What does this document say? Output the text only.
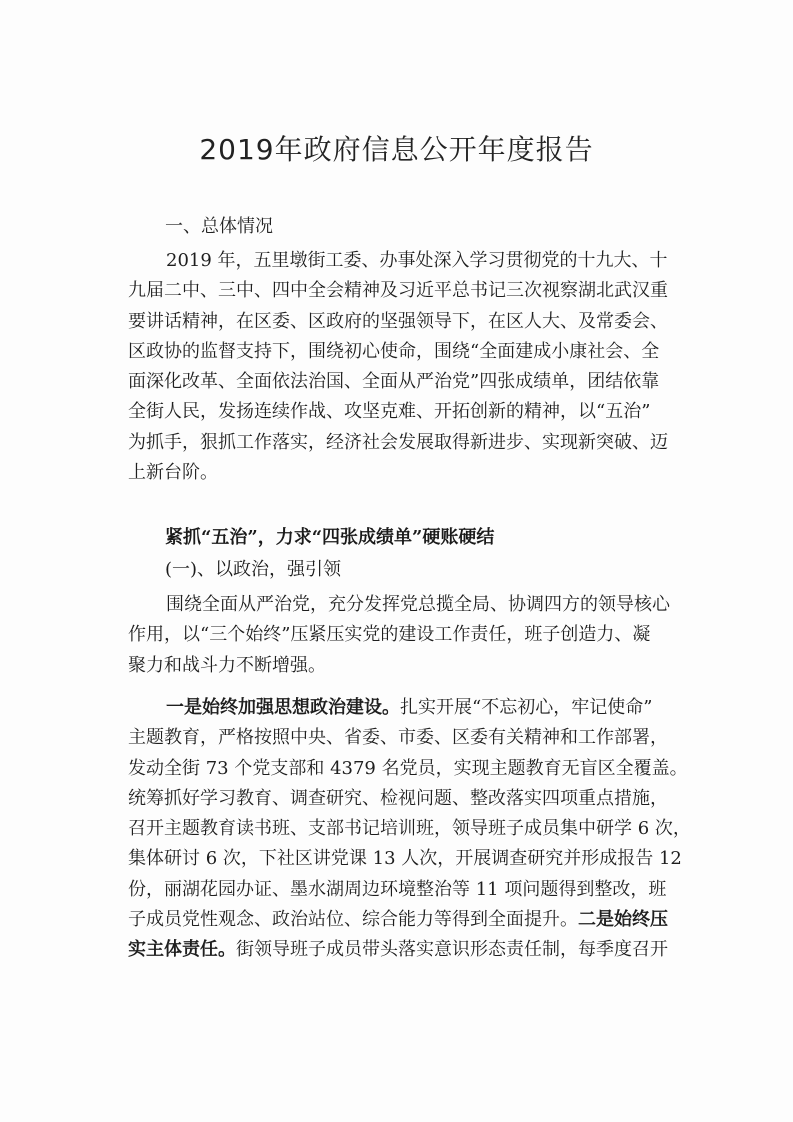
2019年政府信息公开年度报告
一、总体情况
2019 年，五里墩街工委、办事处深入学习贯彻党的十九大、十
九届二中、三中、四中全会精神及习近平总书记三次视察湖北武汉重
要讲话精神，在区委、区政府的坚强领导下，在区人大、及常委会、
区政协的监督支持下，围绕初心使命，围绕“全面建成小康社会、全
面深化改革、全面依法治国、全面从严治党”四张成绩单，团结依靠
全街人民，发扬连续作战、攻坚克难、开拓创新的精神，以“五治”
为抓手，狠抓工作落实，经济社会发展取得新进步、实现新突破、迈
上新台阶。
紧抓“五治”，力求“四张成绩单”硬账硬结
(一)、以政治，强引领
围绕全面从严治党，充分发挥党总揽全局、协调四方的领导核心
作用，以“三个始终”压紧压实党的建设工作责任，班子创造力、凝
聚力和战斗力不断增强。
一是始终加强思想政治建设。扎实开展“不忘初心，牢记使命”
主题教育，严格按照中央、省委、市委、区委有关精神和工作部署，
发动全街 73 个党支部和 4379 名党员，实现主题教育无盲区全覆盖。
统筹抓好学习教育、调查研究、检视问题、整改落实四项重点措施，
召开主题教育读书班、支部书记培训班，领导班子成员集中研学 6 次，
集体研讨 6 次，下社区讲党课 13 人次，开展调查研究并形成报告 12
份，丽湖花园办证、墨水湖周边环境整治等 11 项问题得到整改，班
子成员党性观念、政治站位、综合能力等得到全面提升。二是始终压
实主体责任。街领导班子成员带头落实意识形态责任制，每季度召开
